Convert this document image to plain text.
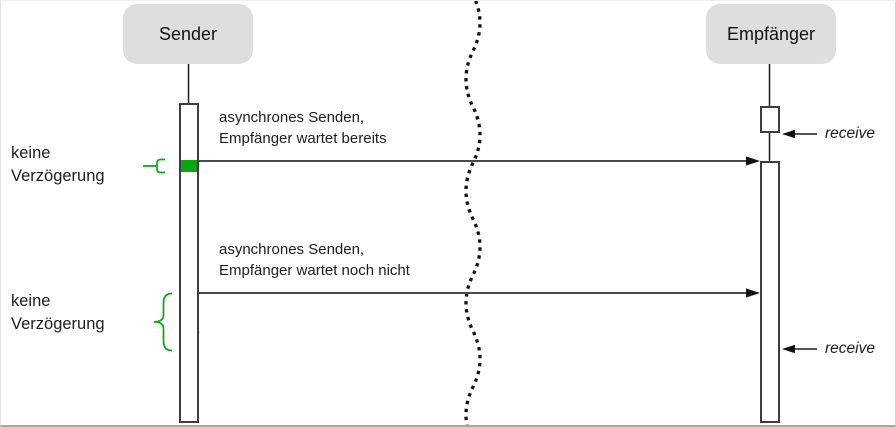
Sender	Empfänger
asynchrones Senden,
Empfänger wartet bereits
asynchrones Senden,
Empfänger wartet noch nicht
keine
Verzögerung
keine
Verzögerung
receive
receive
